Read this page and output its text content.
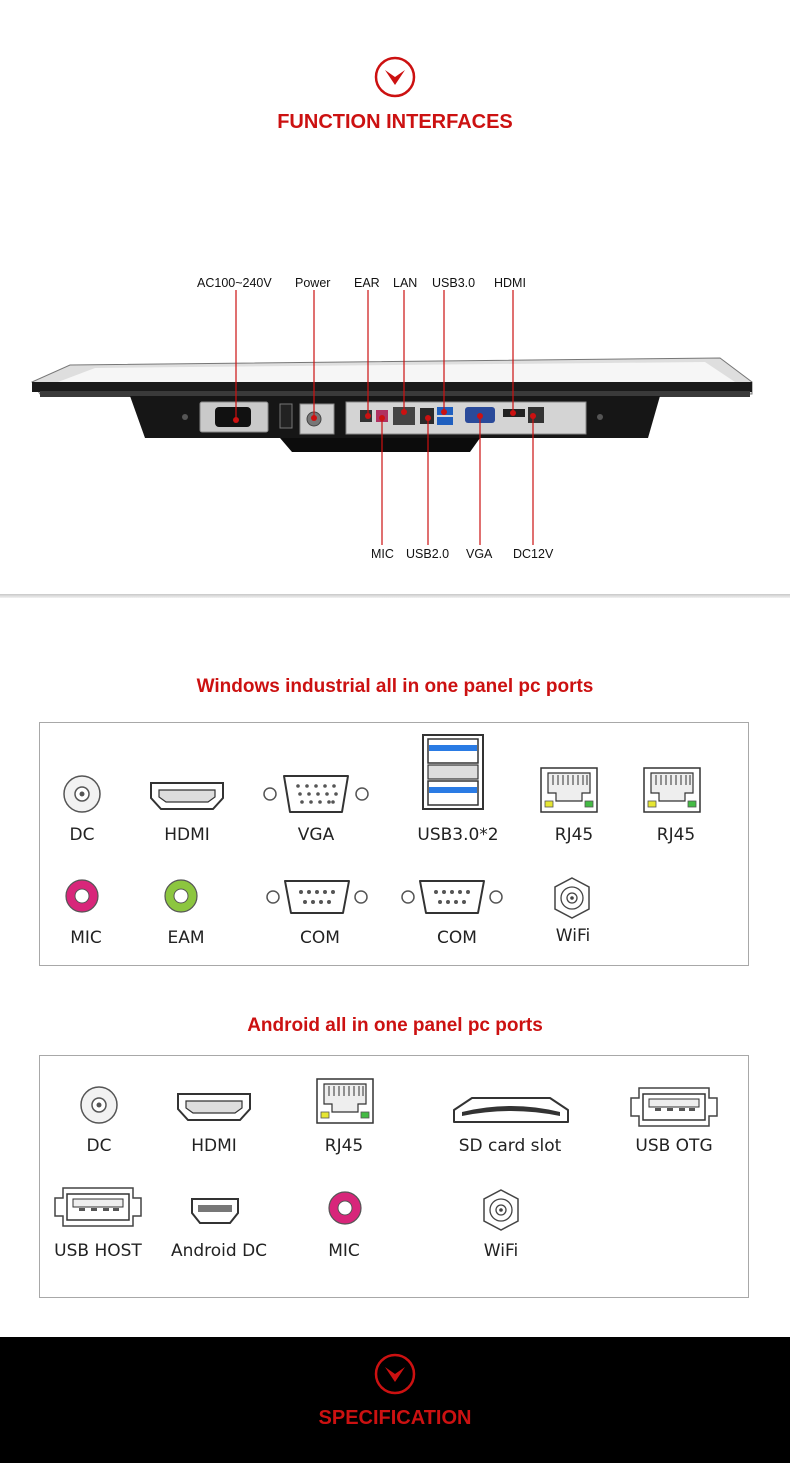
FUNCTION INTERFACES
AC100~240V Power EAR LAN USB3.0 HDMI
MIC USB2.0 VGA DC12V
Windows industrial all in one panel pc ports
DC	HDMI	VGA	USB3.0*2	RJ45	RJ45
MIC	EAM	COM	COM	WiFi
Android all in one panel pc ports
DC	HDMI	RJ45	SD card slot	USB OTG
USB HOST	Android DC	MIC	WiFi
SPECIFICATION
